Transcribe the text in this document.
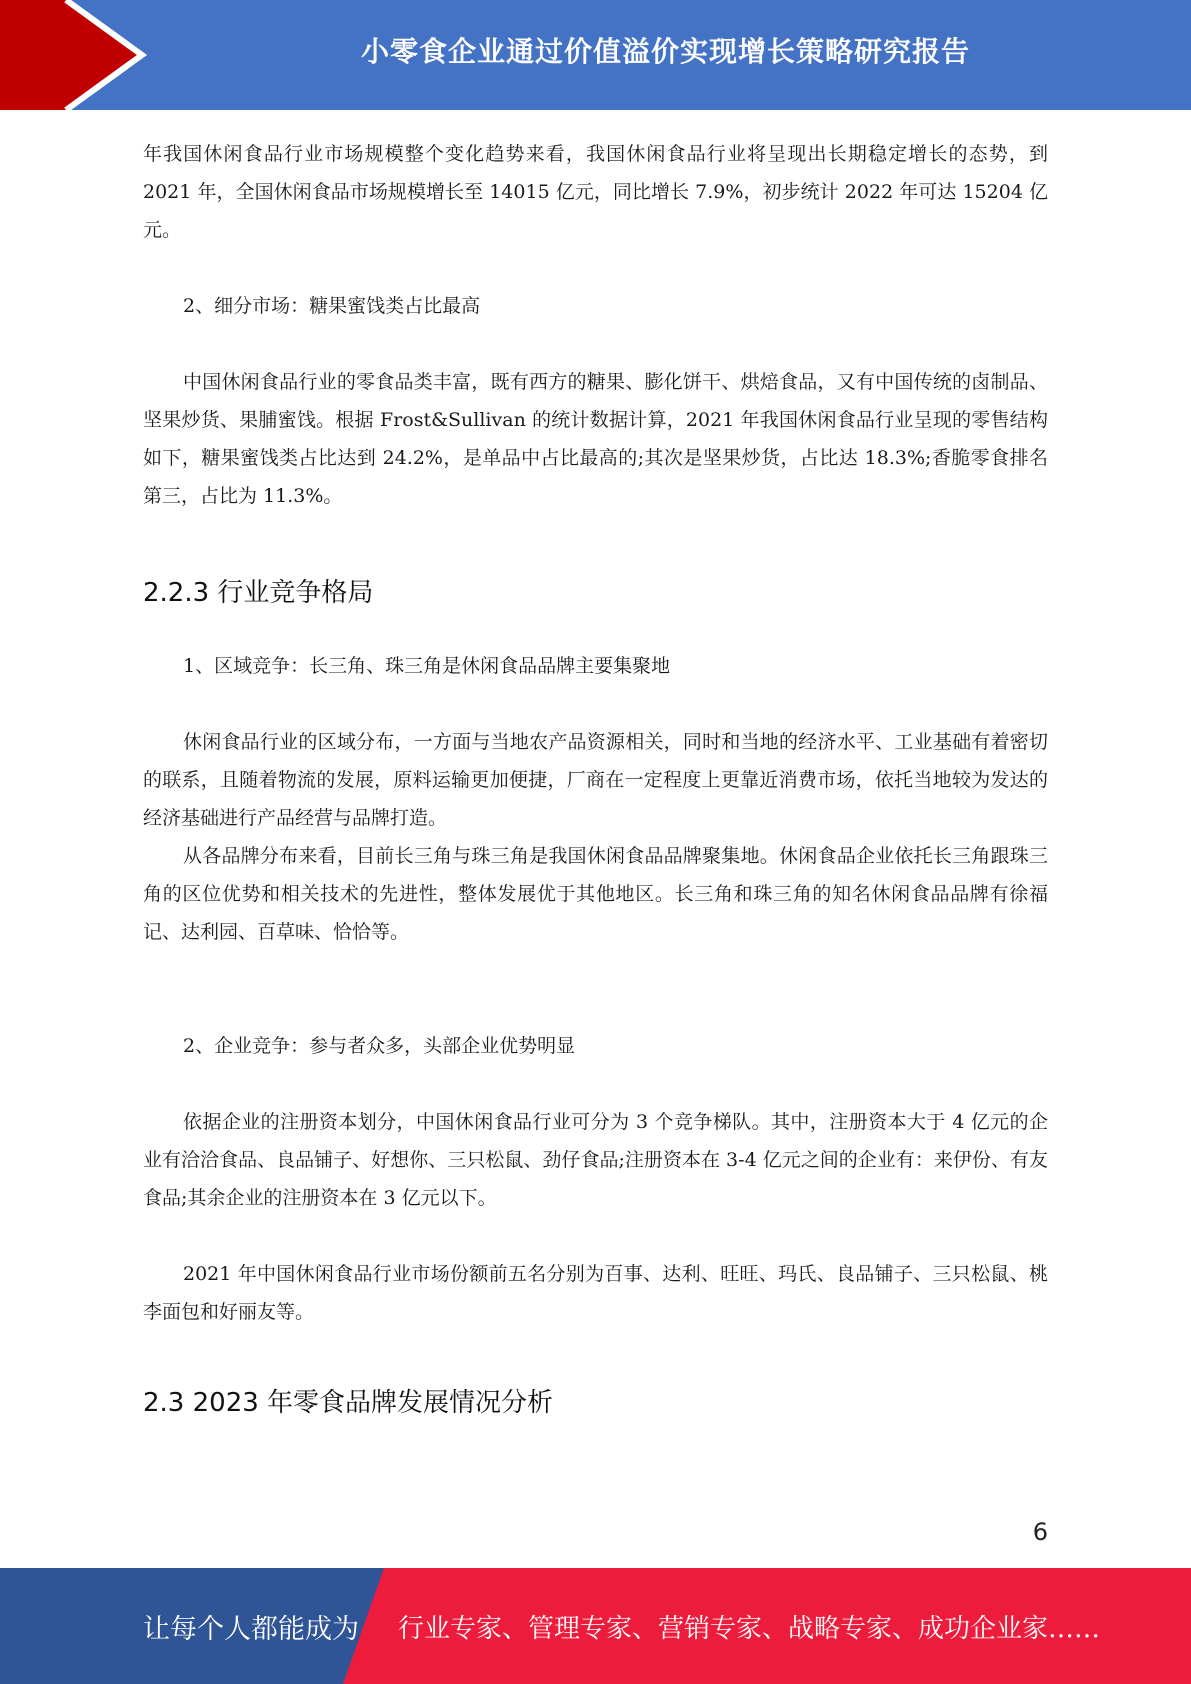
小零食企业通过价值溢价实现增长策略研究报告

年我国休闲食品行业市场规模整个变化趋势来看，我国休闲食品行业将呈现出长期稳定增长的态势，到 2021 年，全国休闲食品市场规模增长至 14015 亿元，同比增长 7.9%，初步统计 2022 年可达 15204 亿元。

2、细分市场：糖果蜜饯类占比最高

中国休闲食品行业的零食品类丰富，既有西方的糖果、膨化饼干、烘焙食品，又有中国传统的卤制品、坚果炒货、果脯蜜饯。根据 Frost&Sullivan 的统计数据计算，2021 年我国休闲食品行业呈现的零售结构如下，糖果蜜饯类占比达到 24.2%，是单品中占比最高的;其次是坚果炒货，占比达 18.3%;香脆零食排名第三，占比为 11.3%。

2.2.3 行业竞争格局

1、区域竞争：长三角、珠三角是休闲食品品牌主要集聚地

休闲食品行业的区域分布，一方面与当地农产品资源相关，同时和当地的经济水平、工业基础有着密切的联系，且随着物流的发展，原料运输更加便捷，厂商在一定程度上更靠近消费市场，依托当地较为发达的经济基础进行产品经营与品牌打造。

从各品牌分布来看，目前长三角与珠三角是我国休闲食品品牌聚集地。休闲食品企业依托长三角跟珠三角的区位优势和相关技术的先进性，整体发展优于其他地区。长三角和珠三角的知名休闲食品品牌有徐福记、达利园、百草味、恰恰等。

2、企业竞争：参与者众多，头部企业优势明显

依据企业的注册资本划分，中国休闲食品行业可分为 3 个竞争梯队。其中，注册资本大于 4 亿元的企业有洽洽食品、良品铺子、好想你、三只松鼠、劲仔食品;注册资本在 3-4 亿元之间的企业有：来伊份、有友食品;其余企业的注册资本在 3 亿元以下。

2021 年中国休闲食品行业市场份额前五名分别为百事、达利、旺旺、玛氏、良品铺子、三只松鼠、桃李面包和好丽友等。

2.3 2023 年零食品牌发展情况分析
6
让每个人都能成为 行业专家、管理专家、营销专家、战略专家、成功企业家……
